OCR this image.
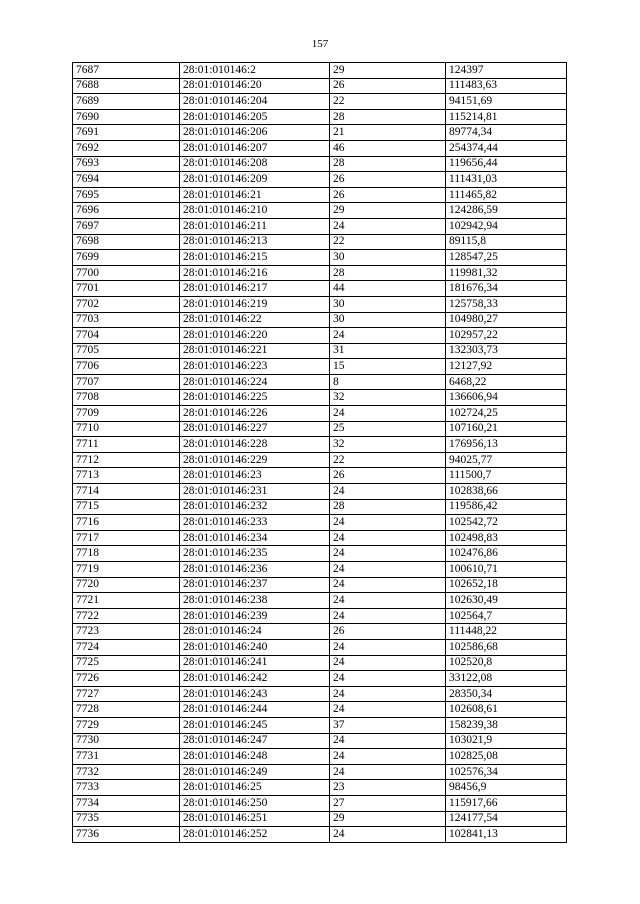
157
7687	28:01:010146:2	29	124397
7688	28:01:010146:20	26	111483,63
7689	28:01:010146:204	22	94151,69
7690	28:01:010146:205	28	115214,81
7691	28:01:010146:206	21	89774,34
7692	28:01:010146:207	46	254374,44
7693	28:01:010146:208	28	119656,44
7694	28:01:010146:209	26	111431,03
7695	28:01:010146:21	26	111465,82
7696	28:01:010146:210	29	124286,59
7697	28:01:010146:211	24	102942,94
7698	28:01:010146:213	22	89115,8
7699	28:01:010146:215	30	128547,25
7700	28:01:010146:216	28	119981,32
7701	28:01:010146:217	44	181676,34
7702	28:01:010146:219	30	125758,33
7703	28:01:010146:22	30	104980,27
7704	28:01:010146:220	24	102957,22
7705	28:01:010146:221	31	132303,73
7706	28:01:010146:223	15	12127,92
7707	28:01:010146:224	8	6468,22
7708	28:01:010146:225	32	136606,94
7709	28:01:010146:226	24	102724,25
7710	28:01:010146:227	25	107160,21
7711	28:01:010146:228	32	176956,13
7712	28:01:010146:229	22	94025,77
7713	28:01:010146:23	26	111500,7
7714	28:01:010146:231	24	102838,66
7715	28:01:010146:232	28	119586,42
7716	28:01:010146:233	24	102542,72
7717	28:01:010146:234	24	102498,83
7718	28:01:010146:235	24	102476,86
7719	28:01:010146:236	24	100610,71
7720	28:01:010146:237	24	102652,18
7721	28:01:010146:238	24	102630,49
7722	28:01:010146:239	24	102564,7
7723	28:01:010146:24	26	111448,22
7724	28:01:010146:240	24	102586,68
7725	28:01:010146:241	24	102520,8
7726	28:01:010146:242	24	33122,08
7727	28:01:010146:243	24	28350,34
7728	28:01:010146:244	24	102608,61
7729	28:01:010146:245	37	158239,38
7730	28:01:010146:247	24	103021,9
7731	28:01:010146:248	24	102825,08
7732	28:01:010146:249	24	102576,34
7733	28:01:010146:25	23	98456,9
7734	28:01:010146:250	27	115917,66
7735	28:01:010146:251	29	124177,54
7736	28:01:010146:252	24	102841,13
